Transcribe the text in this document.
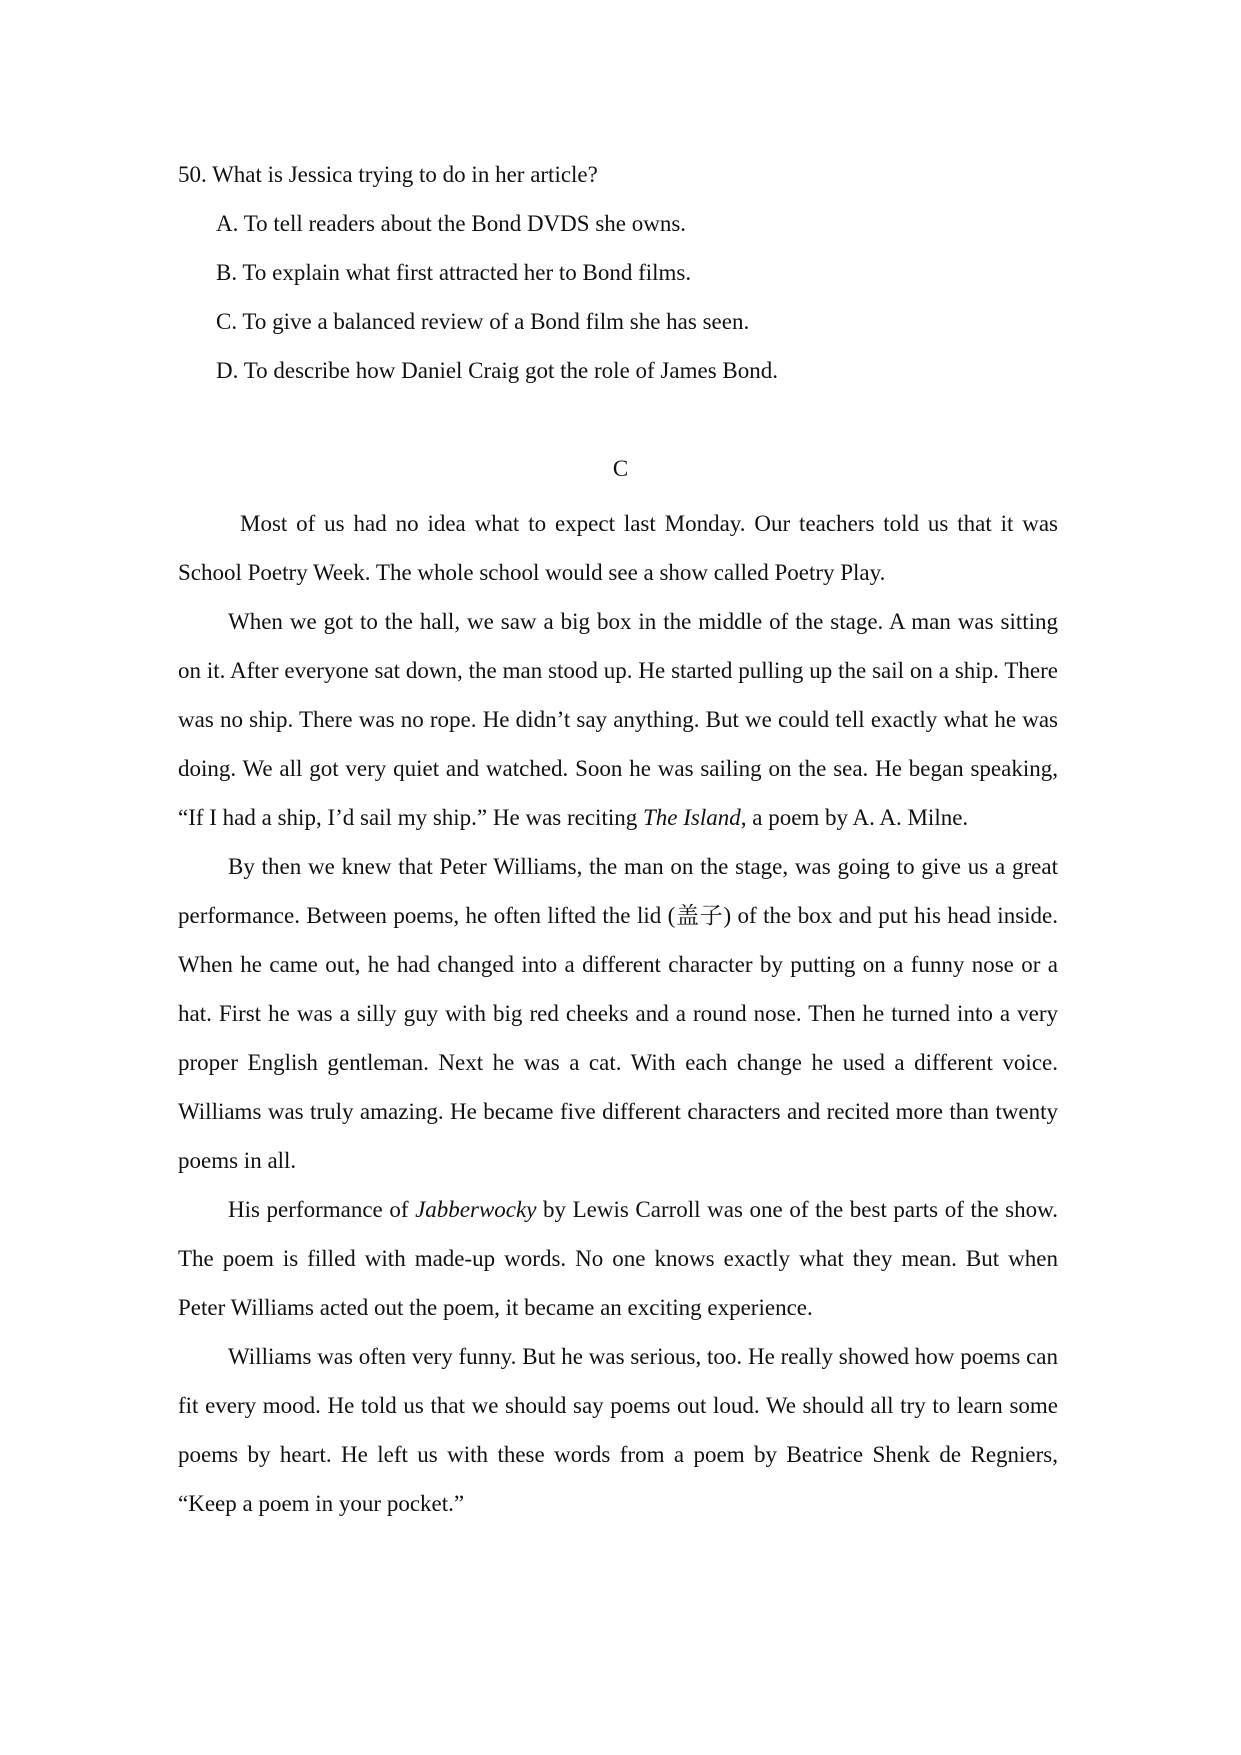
50. What is Jessica trying to do in her article?

A. To tell readers about the Bond DVDS she owns.
B. To explain what first attracted her to Bond films.
C. To give a balanced review of a Bond film she has seen.
D. To describe how Daniel Craig got the role of James Bond.
C

Most of us had no idea what to expect last Monday. Our teachers told us that it was School Poetry Week. The whole school would see a show called Poetry Play.

When we got to the hall, we saw a big box in the middle of the stage. A man was sitting on it. After everyone sat down, the man stood up. He started pulling up the sail on a ship. There was no ship. There was no rope. He didn’t say anything. But we could tell exactly what he was doing. We all got very quiet and watched. Soon he was sailing on the sea. He began speaking, “If I had a ship, I’d sail my ship.” He was reciting The Island, a poem by A. A. Milne.

By then we knew that Peter Williams, the man on the stage, was going to give us a great performance. Between poems, he often lifted the lid (盖子) of the box and put his head inside. When he came out, he had changed into a different character by putting on a funny nose or a hat. First he was a silly guy with big red cheeks and a round nose. Then he turned into a very proper English gentleman. Next he was a cat. With each change he used a different voice. Williams was truly amazing. He became five different characters and recited more than twenty poems in all.

His performance of Jabberwocky by Lewis Carroll was one of the best parts of the show. The poem is filled with made-up words. No one knows exactly what they mean. But when Peter Williams acted out the poem, it became an exciting experience.

Williams was often very funny. But he was serious, too. He really showed how poems can fit every mood. He told us that we should say poems out loud. We should all try to learn some poems by heart. He left us with these words from a poem by Beatrice Shenk de Regniers, “Keep a poem in your pocket.”
